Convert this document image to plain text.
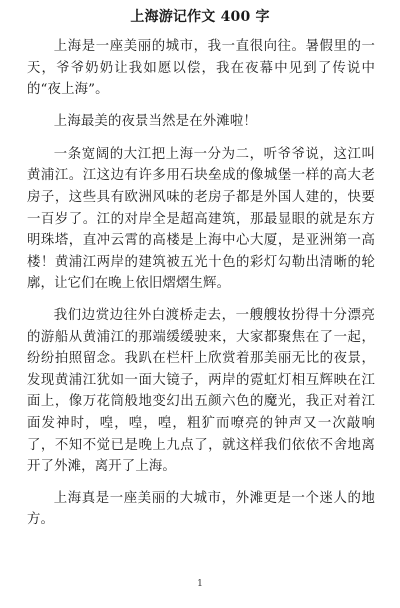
上海游记作文 400 字

上海是一座美丽的城市，我一直很向往。暑假里的一天，爷爷奶奶让我如愿以偿，我在夜幕中见到了传说中的“夜上海”。

上海最美的夜景当然是在外滩啦！

一条宽阔的大江把上海一分为二，听爷爷说，这江叫黄浦江。江这边有许多用石块垒成的像城堡一样的高大老房子，这些具有欧洲风味的老房子都是外国人建的，快要一百岁了。江的对岸全是超高建筑，那最显眼的就是东方明珠塔，直冲云霄的高楼是上海中心大厦，是亚洲第一高楼！黄浦江两岸的建筑被五光十色的彩灯勾勒出清晰的轮廓，让它们在晚上依旧熠熠生辉。

我们边赏边往外白渡桥走去，一艘艘妆扮得十分漂亮的游船从黄浦江的那端缓缓驶来，大家都聚焦在了一起，纷纷拍照留念。我趴在栏杆上欣赏着那美丽无比的夜景，发现黄浦江犹如一面大镜子，两岸的霓虹灯相互辉映在江面上，像万花筒般地变幻出五颜六色的魔光，我正对着江面发神时，喤，喤，喤，粗犷而嘹亮的钟声又一次敲响了，不知不觉已是晚上九点了，就这样我们依依不舍地离开了外滩，离开了上海。

上海真是一座美丽的大城市，外滩更是一个迷人的地方。

1
